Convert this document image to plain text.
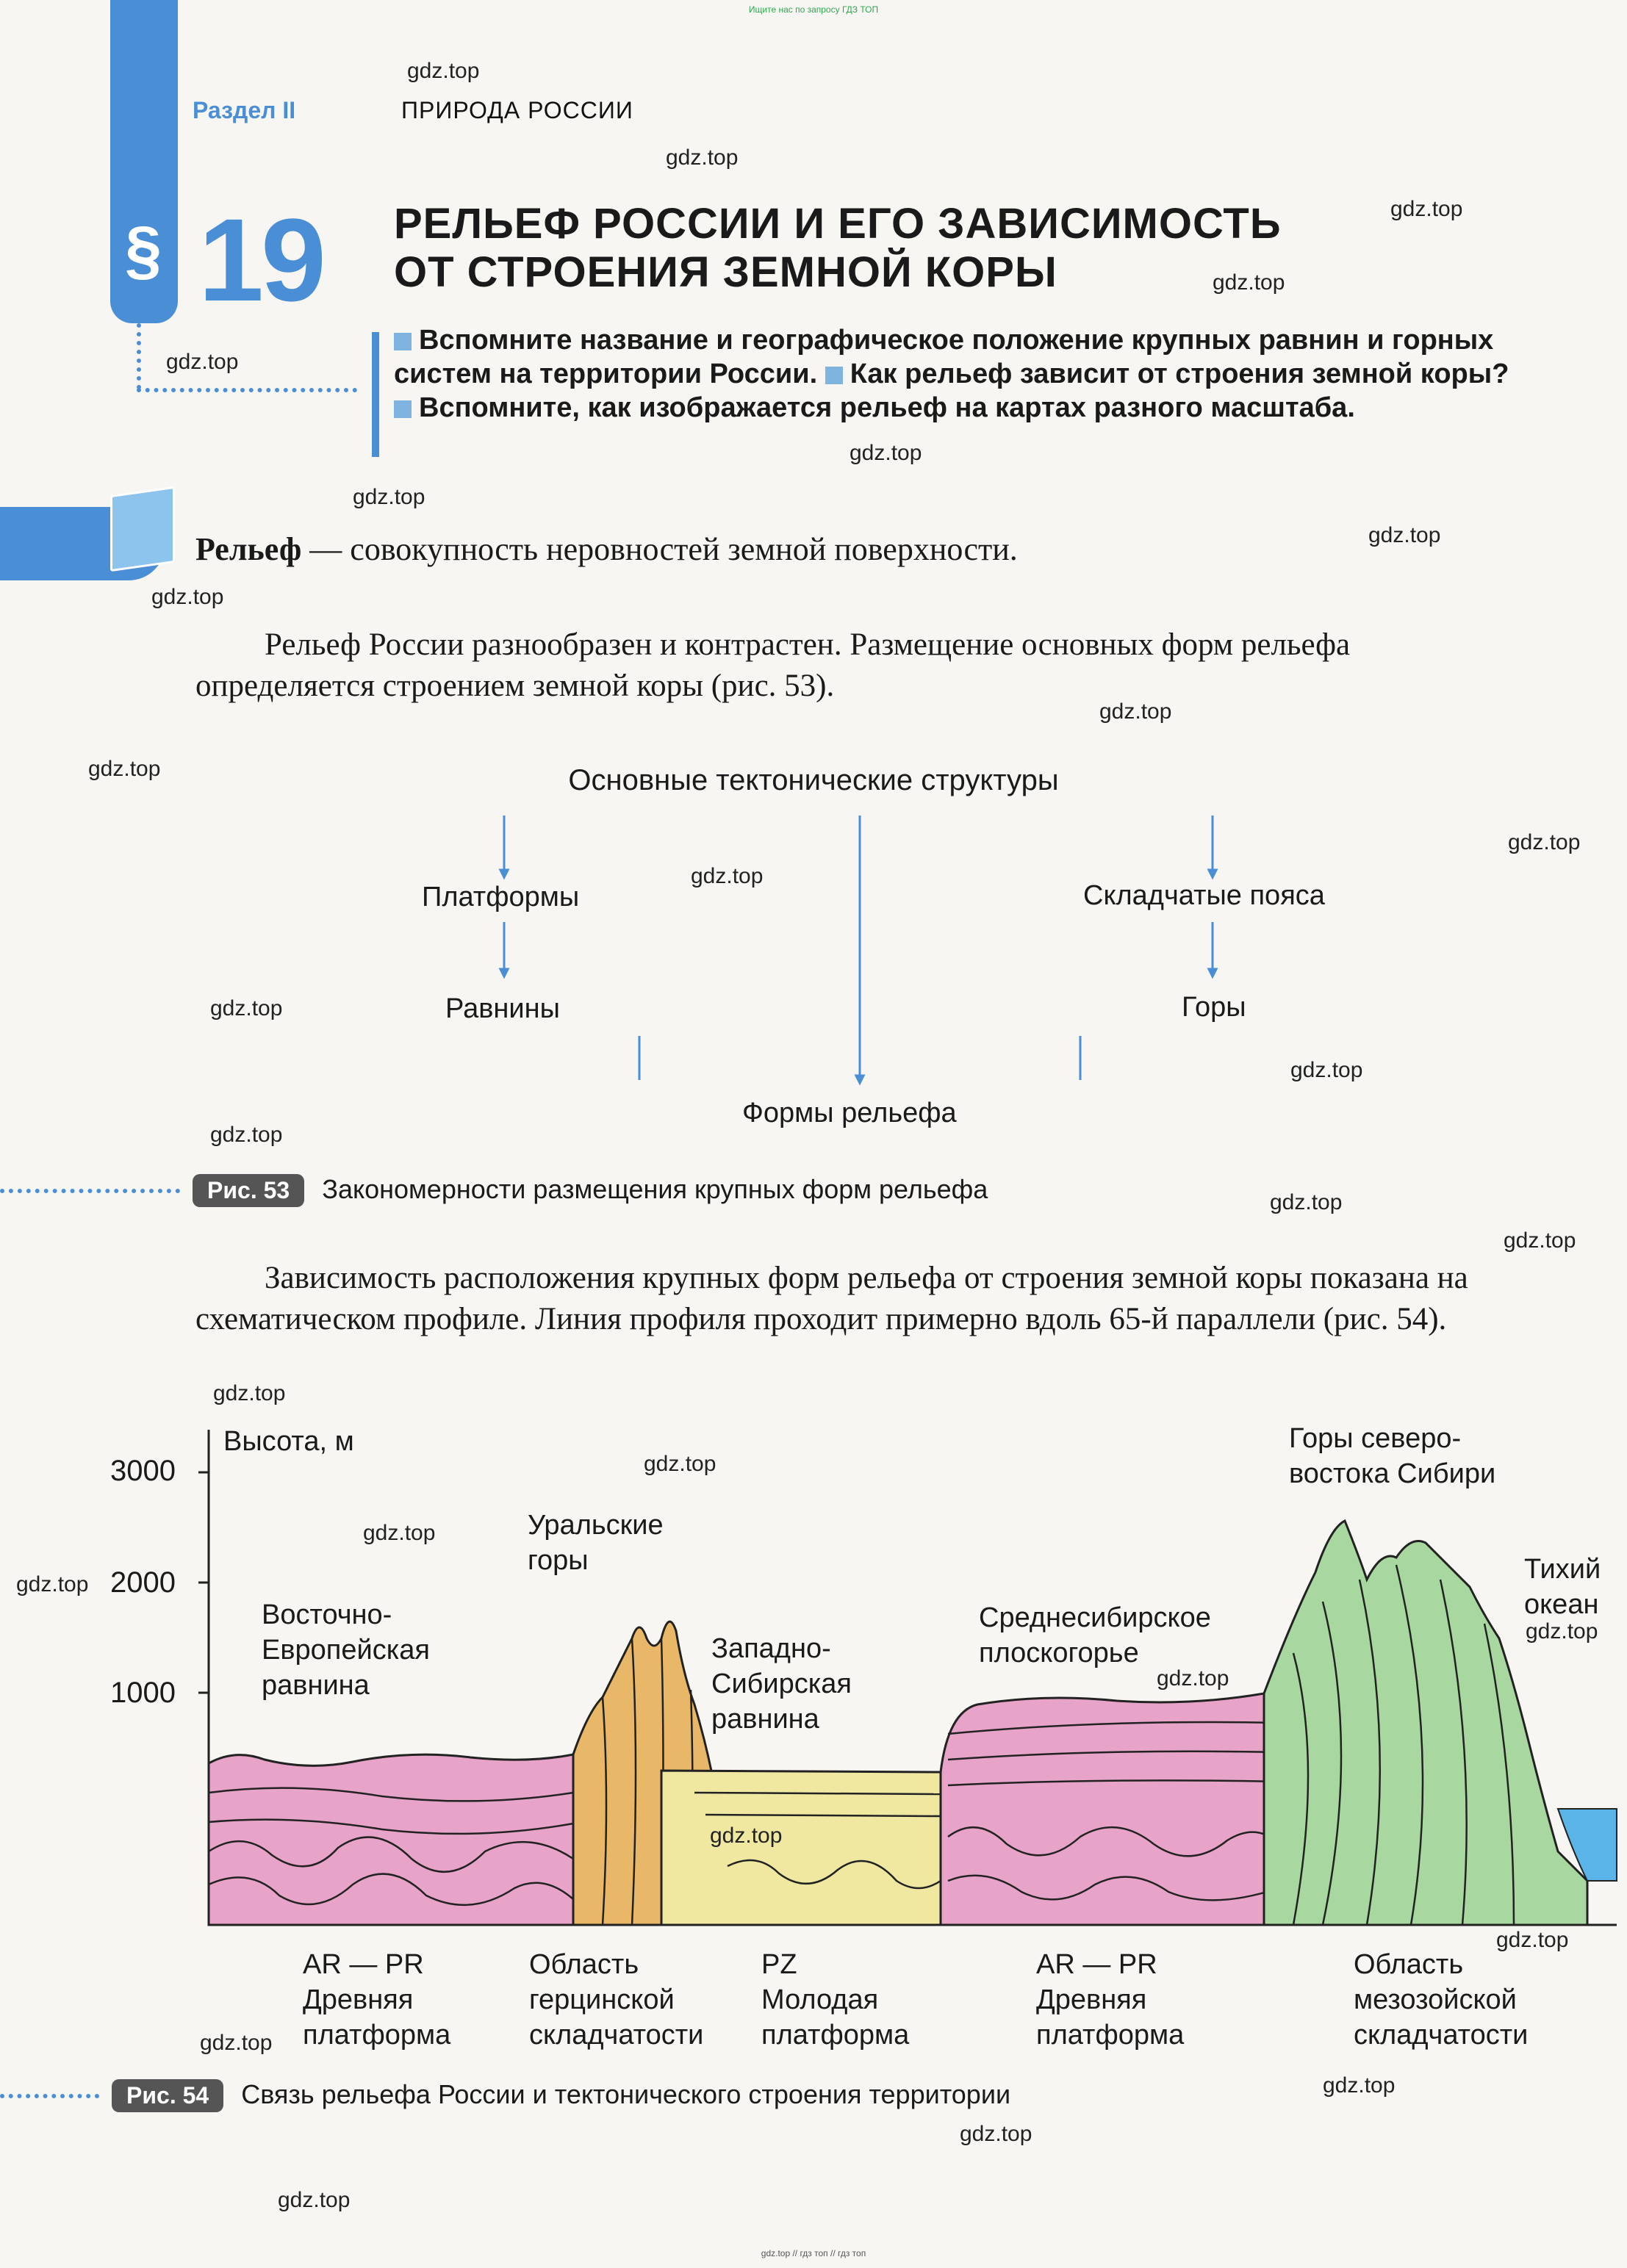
Ищите нас по запросу ГДЗ ТОП
gdz.top // гдз топ // гдз топ
Раздел II	ПРИРОДА РОССИИ
§ 19 РЕЛЬЕФ РОССИИ И ЕГО ЗАВИСИМОСТЬ
ОТ СТРОЕНИЯ ЗЕМНОЙ КОРЫ
Вспомните название и географическое положение крупных равнин и горных систем на территории России. Как рельеф зависит от строения земной коры? Вспомните, как изображается рельеф на картах разного масштаба.
Рельеф — совокупность неровностей земной поверхности.
Рельеф России разнообразен и контрастен. Размещение основных форм рельефа определяется строением земной коры (рис. 53).
Основные тектонические структуры
Платформы	Складчатые пояса
Равнины	Горы
Формы рельефа
Рис. 53 Закономерности размещения крупных форм рельефа
Зависимость расположения крупных форм рельефа от строения земной коры показана на схематическом профиле. Линия профиля проходит примерно вдоль 65-й параллели (рис. 54).
Высота, м
3000
2000
1000
Восточно-
Европейская
равнина
Уральские
горы
Западно-
Сибирская
равнина
Среднесибирское
плоскогорье
Горы северо-
востока Сибири
Тихий
океан
AR — PR
Древняя
платформа
Область
герцинской
складчатости
PZ
Молодая
платформа
AR — PR
Древняя
платформа
Область
мезозойской
складчатости
Рис. 54 Связь рельефа России и тектонического строения территории
gdz.top
gdz.top
gdz.top
gdz.top
gdz.top
gdz.top
gdz.top
gdz.top
gdz.top
gdz.top
gdz.top
gdz.top
gdz.top
gdz.top
gdz.top
gdz.top
gdz.top
gdz.top
gdz.top
gdz.top
gdz.top
gdz.top
gdz.top
gdz.top
gdz.top
gdz.top
gdz.top
gdz.top
gdz.top
gdz.top
